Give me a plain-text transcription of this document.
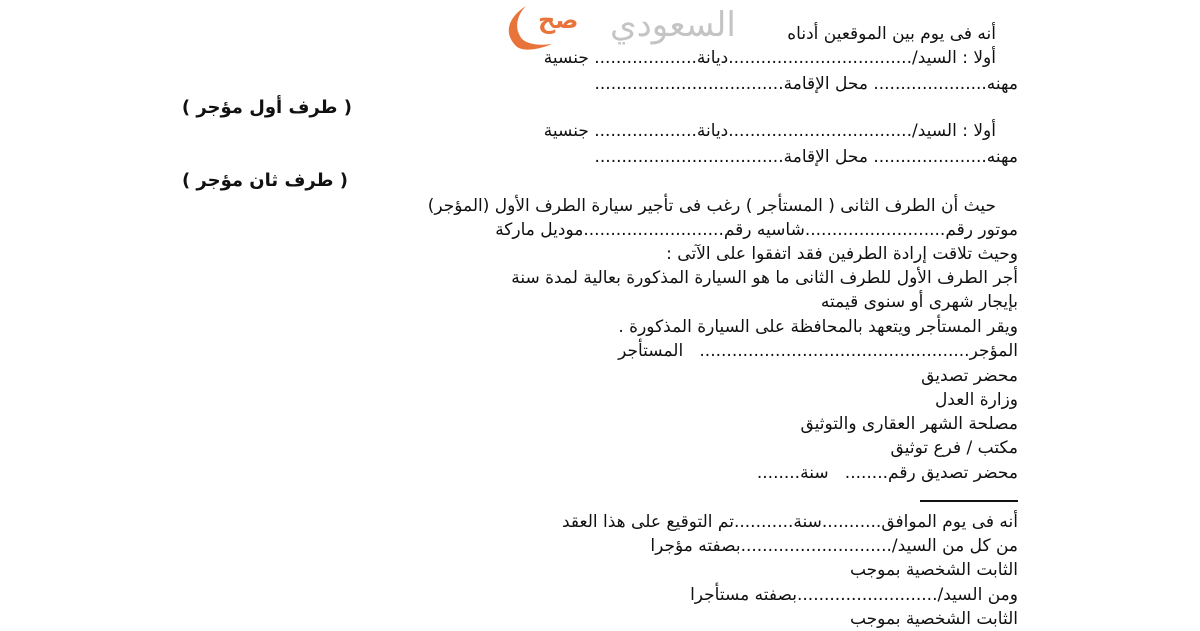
صح السعودي	أنه فى يوم بين الموقعين أدناه
أولا : السيد/..................................ديانة................... جنسية
مهنه..................... محل الإقامة...................................
( طرف أول مؤجر )
أولا : السيد/..................................ديانة................... جنسية
مهنه..................... محل الإقامة...................................
( طرف ثان مؤجر )
حيث أن الطرف الثانى ( المستأجر ) رغب فى تأجير سيارة الطرف الأول (المؤجر)
موتور رقم..........................شاسيه رقم..........................موديل ماركة
وحيث تلاقت إرادة الطرفين فقد اتفقوا على الآتى :
أجر الطرف الأول للطرف الثانى ما هو السيارة المذكورة بعالية لمدة سنة
بإيجار شهرى أو سنوى قيمته
ويقر المستأجر ويتعهد بالمحافظة على السيارة المذكورة .
المؤجر..................................................   المستأجر
محضر تصديق
وزارة العدل
مصلحة الشهر العقارى والتوثيق
مكتب / فرع توثيق
محضر تصديق رقم........   سنة........
أنه فى يوم الموافق...........سنة...........تم التوقيع على هذا العقد
من كل من السيد/............................بصفته مؤجرا
الثابت الشخصية بموجب
ومن السيد/..........................بصفته مستأجرا
الثابت الشخصية بموجب
